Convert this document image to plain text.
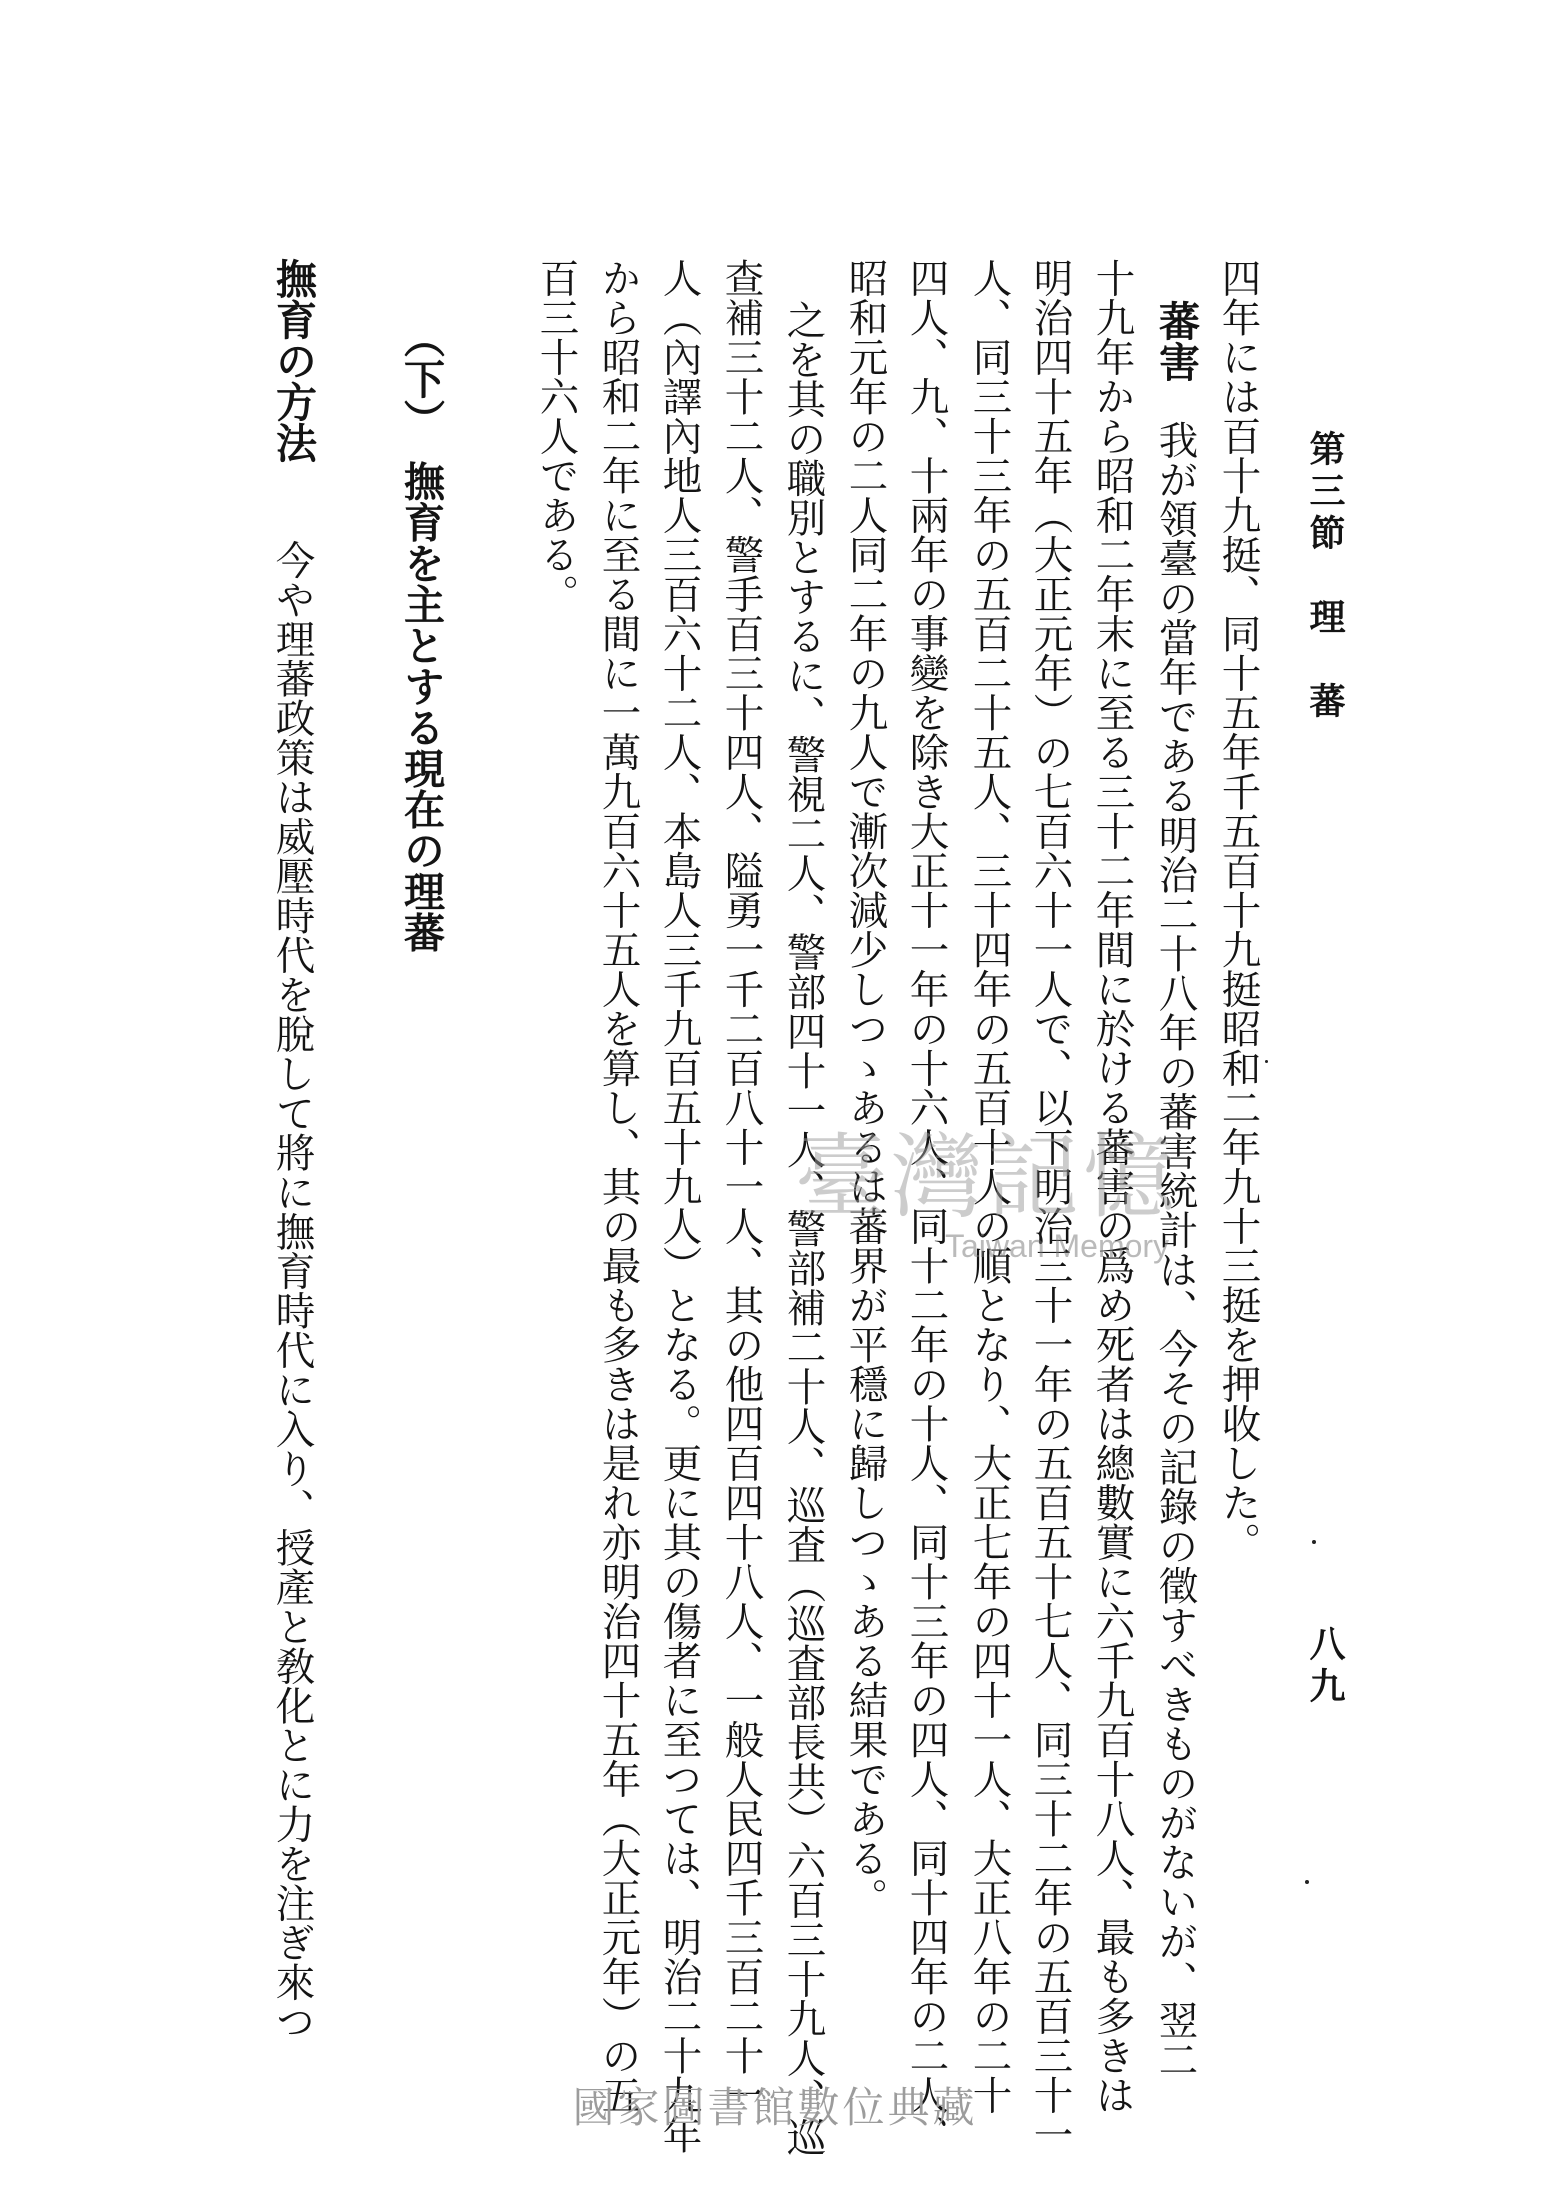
第三節　理　蕃
八九
四年には百十九挺、同十五年千五百十九挺昭和二年九十三挺を押收した。
蕃害
我が領臺の當年である明治二十八年の蕃害統計は、今その記錄の徵すべきものがないが、翌二
十九年から昭和二年末に至る三十二年間に於ける蕃害の爲め死者は總數實に六千九百十八人、最も多きは
明治四十五年（大正元年）の七百六十一人で、以下明治三十一年の五百五十七人、同三十二年の五百三十一
人、同三十三年の五百二十五人、三十四年の五百十人の順となり、大正七年の四十一人、大正八年の二十
四人、九、十兩年の事變を除き大正十一年の十六人、同十二年の十人、同十三年の四人、同十四年の二人、
昭和元年の二人同二年の九人で漸次減少しつゝあるは蕃界が平穩に歸しつゝある結果である。
之を其の職別とするに、警視二人、警部四十一人、警部補二十人、巡査（巡査部長共）六百三十九人、巡
查補三十二人、警手百三十四人、隘勇一千二百八十一人、其の他四百四十八人、一般人民四千三百二十一
人（內譯內地人三百六十二人、本島人三千九百五十九人）となる。更に其の傷者に至つては、明治二十九年
から昭和二年に至る間に一萬九百六十五人を算し、其の最も多きは是れ亦明治四十五年（大正元年）の五
百三十六人である。
（下）　撫育を主とする現在の理蕃
撫育の方法
今や理蕃政策は威壓時代を脫して將に撫育時代に入り、授產と敎化とに力を注ぎ來つ	臺灣記憶
Taiwan Memory
國家圖書館數位典藏
